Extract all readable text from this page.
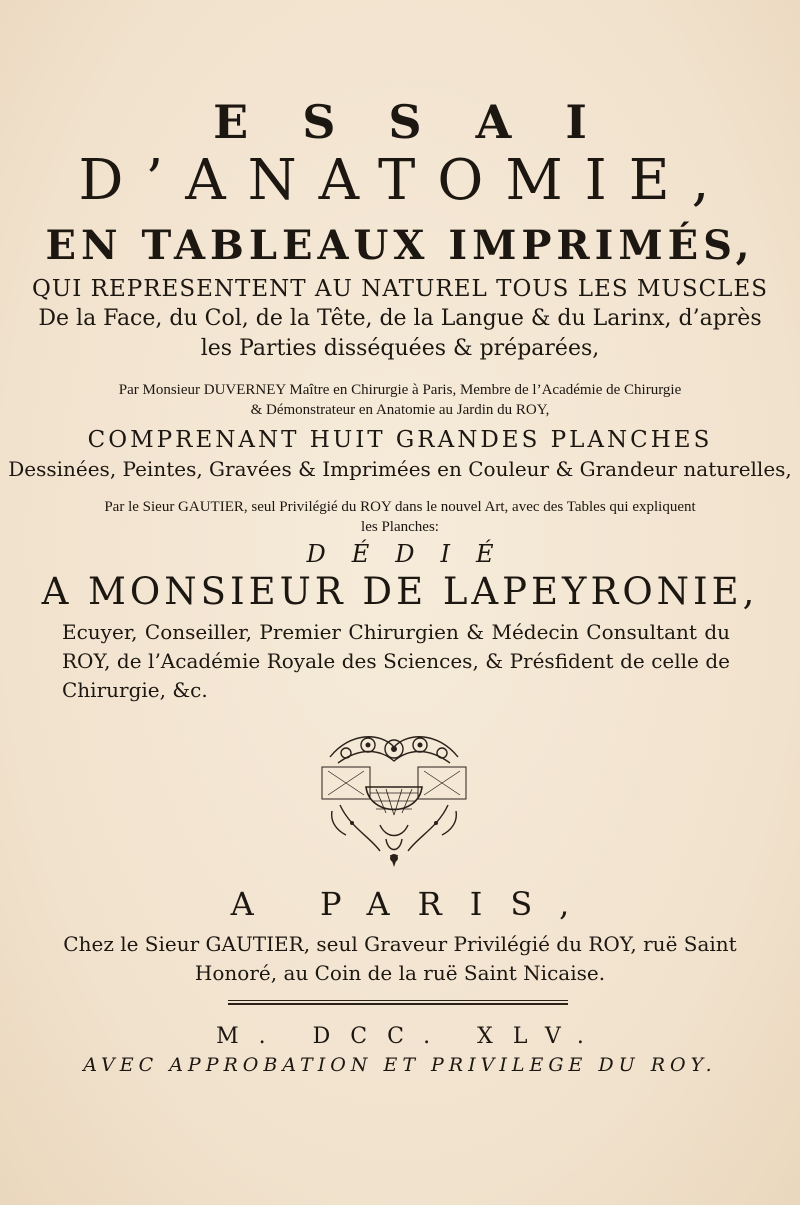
ESSAI
D’ANATOMIE,
EN TABLEAUX IMPRIMÉS,
QUI REPRESENTENT AU NATUREL TOUS LES MUSCLES
De la Face, du Col, de la Tête, de la Langue & du Larinx, d’après
les Parties disséquées & préparées,
Par Monsieur DUVERNEY Maître en Chirurgie à Paris, Membre de l’Académie de Chirurgie
& Démonstrateur en Anatomie au Jardin du ROY,
COMPRENANT HUIT GRANDES PLANCHES
Dessinées, Peintes, Gravées & Imprimées en Couleur & Grandeur naturelles,
Par le Sieur GAUTIER, seul Privilégié du ROY dans le nouvel Art, avec des Tables qui expliquent
les Planches:
DÉDIÉ
A MONSIEUR DE LAPEYRONIE,
Ecuyer, Conseiller, Premier Chirurgien & Médecin Consultant du ROY, de l’Académie Royale des Sciences, & Présfident de celle de Chirurgie, &c.
A PARIS,
Chez le Sieur GAUTIER, seul Graveur Privilégié du ROY, ruë Saint
Honoré, au Coin de la ruë Saint Nicaise.
M. DCC. XLV.
AVEC APPROBATION ET PRIVILEGE DU ROY.
